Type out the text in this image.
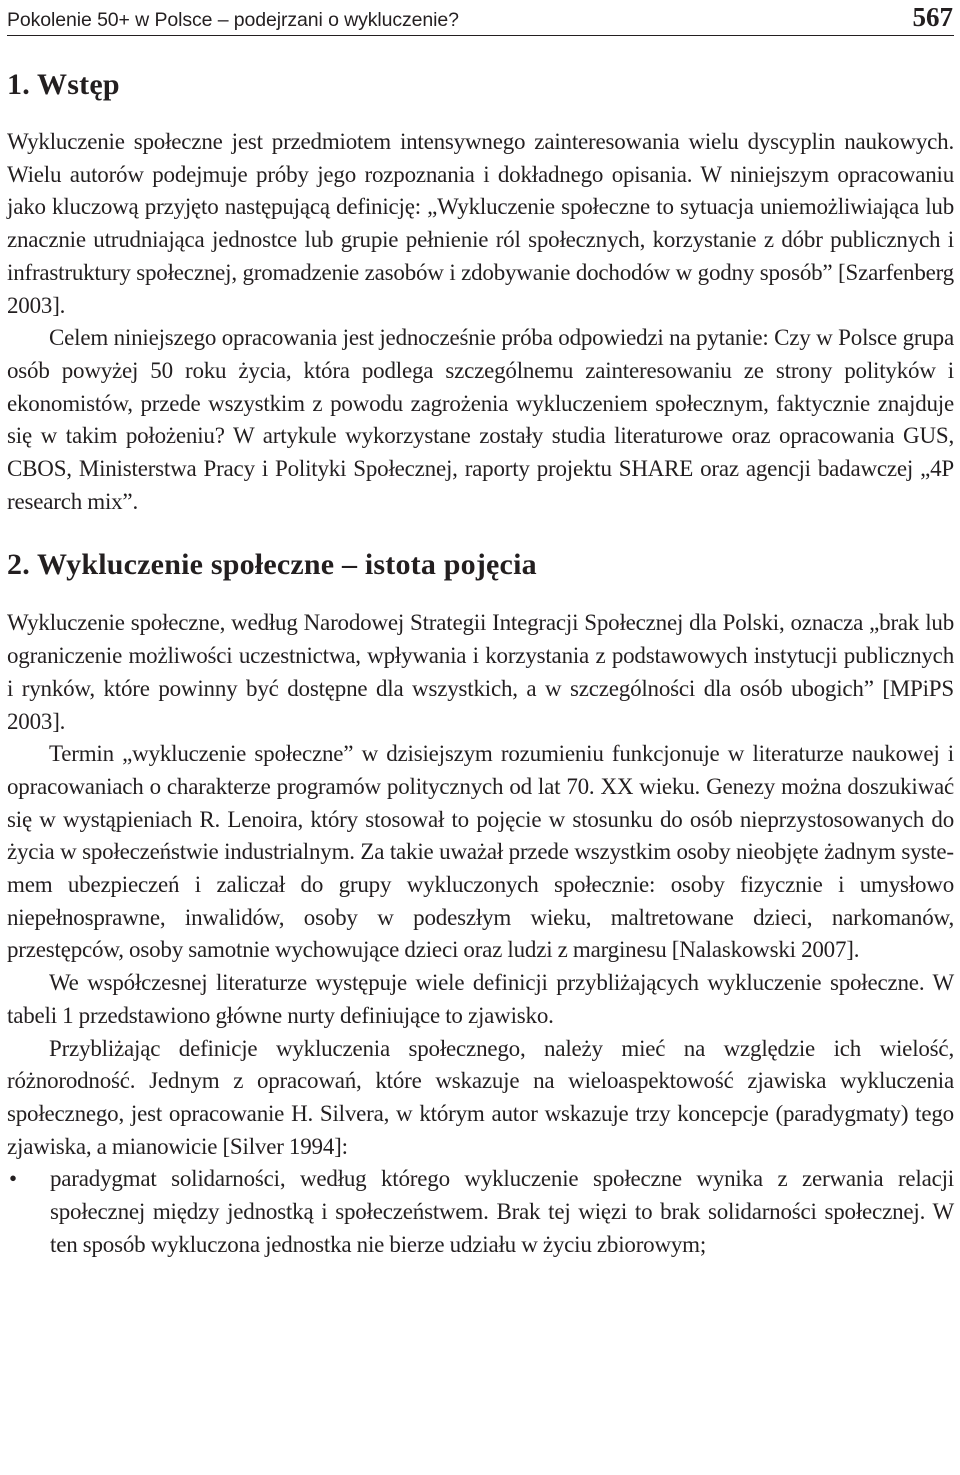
Pokolenie 50+ w Polsce – podejrzani o wykluczenie?	567
1. Wstęp

Wykluczenie społeczne jest przedmiotem intensywnego zainteresowania wielu dyscyplin naukowych. Wielu autorów podejmuje próby jego rozpoznania i dokładnego opisania. W niniejszym opracowaniu jako kluczową przyjęto następującą definicję: „Wykluczenie społeczne to sytuacja uniemożliwiająca lub znacznie utrudniająca jednostce lub grupie pełnienie ról społecznych, korzystanie z dóbr publicznych i infrastruktury społecznej, gromadzenie zasobów i zdobywanie dochodów w godny sposób” [Szarfenberg 2003].

Celem niniejszego opracowania jest jednocześnie próba odpowiedzi na pytanie: Czy w Polsce grupa osób powyżej 50 roku życia, która podlega szczególnemu zainteresowaniu ze strony polityków i ekonomistów, przede wszystkim z powodu zagrożenia wykluczeniem społecznym, faktycznie znajduje się w takim położeniu? W artykule wykorzystane zostały studia literaturowe oraz opracowania GUS, CBOS, Ministerstwa Pracy i Polityki Społecznej, raporty projektu SHARE oraz agencji badawczej „4P research mix”.

2. Wykluczenie społeczne – istota pojęcia

Wykluczenie społeczne, według Narodowej Strategii Integracji Społecznej dla Polski, oznacza „brak lub ograniczenie możliwości uczestnictwa, wpływania i korzystania z podstawowych instytucji publicznych i rynków, które powinny być dostępne dla wszystkich, a w szczególności dla osób ubogich” [MPiPS 2003].

Termin „wykluczenie społeczne” w dzisiejszym rozumieniu funkcjonuje w literaturze naukowej i opracowaniach o charakterze programów politycznych od lat 70. XX wieku. Genezy można doszukiwać się w wystąpieniach R. Lenoira, który stosował to pojęcie w stosunku do osób nieprzystosowanych do życia w społeczeństwie industrialnym. Za takie uważał przede wszystkim osoby nieobjęte żadnym systemem ubezpieczeń i zaliczał do grupy wykluczonych społecznie: osoby fizycznie i umysłowo niepełnosprawne, inwalidów, osoby w podeszłym wieku, maltretowane dzieci, narkomanów, przestępców, osoby samotnie wychowujące dzieci oraz ludzi z marginesu [Nalaskowski 2007].

We współczesnej literaturze występuje wiele definicji przybliżających wykluczenie społeczne. W tabeli 1 przedstawiono główne nurty definiujące to zjawisko.

Przybliżając definicje wykluczenia społecznego, należy mieć na względzie ich wielość, różnorodność. Jednym z opracowań, które wskazuje na wieloaspektowość zjawiska wykluczenia społecznego, jest opracowanie H. Silvera, w którym autor wskazuje trzy koncepcje (paradygmaty) tego zjawiska, a mianowicie [Silver 1994]:

• paradygmat solidarności, według którego wykluczenie społeczne wynika z zerwania relacji społecznej między jednostką i społeczeństwem. Brak tej więzi to brak solidarności społecznej. W ten sposób wykluczona jednostka nie bierze udziału w życiu zbiorowym;
